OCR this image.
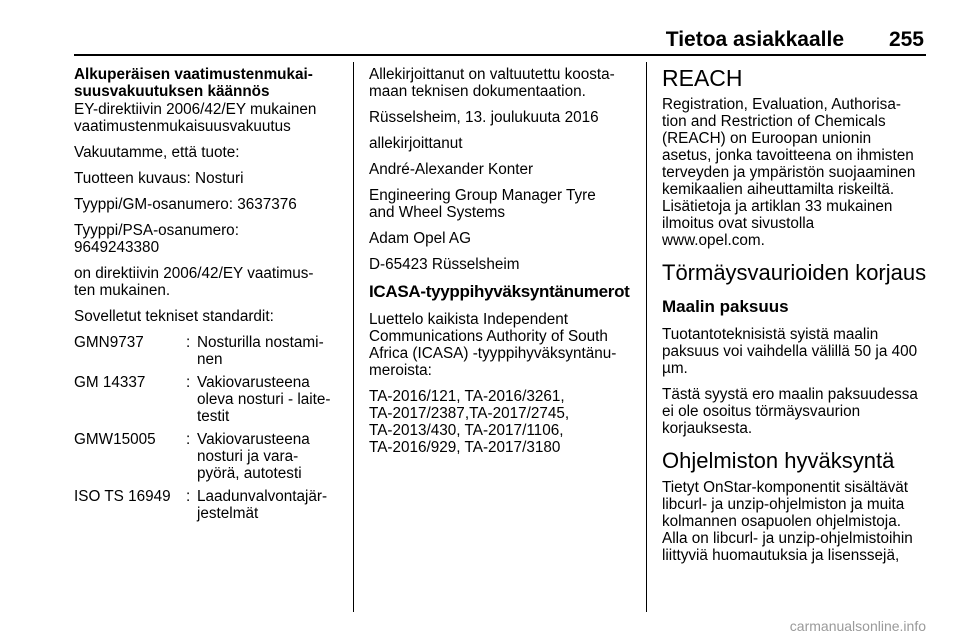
Tietoa asiakkaalle 255
Alkuperäisen vaatimustenmukai-
suusvakuutuksen käännös
EY-direktiivin 2006/42/EY mukainen
vaatimustenmukaisuusvakuutus
Vakuutamme, että tuote:
Tuotteen kuvaus: Nosturi
Tyyppi/GM-osanumero: 3637376
Tyyppi/PSA-osanumero:
9649243380
on direktiivin 2006/42/EY vaatimus-
ten mukainen.
Sovelletut tekniset standardit:
GMN9737	:	Nosturilla nostami-
nen
GM 14337	:	Vakiovarusteena
oleva nosturi - laite-
testit
GMW15005	:	Vakiovarusteena
nosturi ja vara-
pyörä, autotesti
ISO TS 16949	:	Laadunvalvontajär-
jestelmät
Allekirjoittanut on valtuutettu koosta-
maan teknisen dokumentaation.
Rüsselsheim, 13. joulukuuta 2016
allekirjoittanut
André-Alexander Konter
Engineering Group Manager Tyre
and Wheel Systems
Adam Opel AG
D-65423 Rüsselsheim
ICASA-tyyppihyväksyntänumerot
Luettelo kaikista Independent
Communications Authority of South
Africa (ICASA) -tyyppihyväksyntänu-
meroista:
TA-2016/121, TA-2016/3261,
TA-2017/2387,TA-2017/2745,
TA-2013/430, TA-2017/1106,
TA-2016/929, TA-2017/3180
REACH
Registration, Evaluation, Authorisa-
tion and Restriction of Chemicals
(REACH) on Euroopan unionin
asetus, jonka tavoitteena on ihmisten
terveyden ja ympäristön suojaaminen
kemikaalien aiheuttamilta riskeiltä.
Lisätietoja ja artiklan 33 mukainen
ilmoitus ovat sivustolla
www.opel.com.
Törmäysvaurioiden korjaus
Maalin paksuus
Tuotantoteknisistä syistä maalin
paksuus voi vaihdella välillä 50 ja 400
µm.
Tästä syystä ero maalin paksuudessa
ei ole osoitus törmäysvaurion
korjauksesta.
Ohjelmiston hyväksyntä
Tietyt OnStar-komponentit sisältävät
libcurl- ja unzip-ohjelmiston ja muita
kolmannen osapuolen ohjelmistoja.
Alla on libcurl- ja unzip-ohjelmistoihin
liittyviä huomautuksia ja lisenssejä,
carmanualsonline.info
